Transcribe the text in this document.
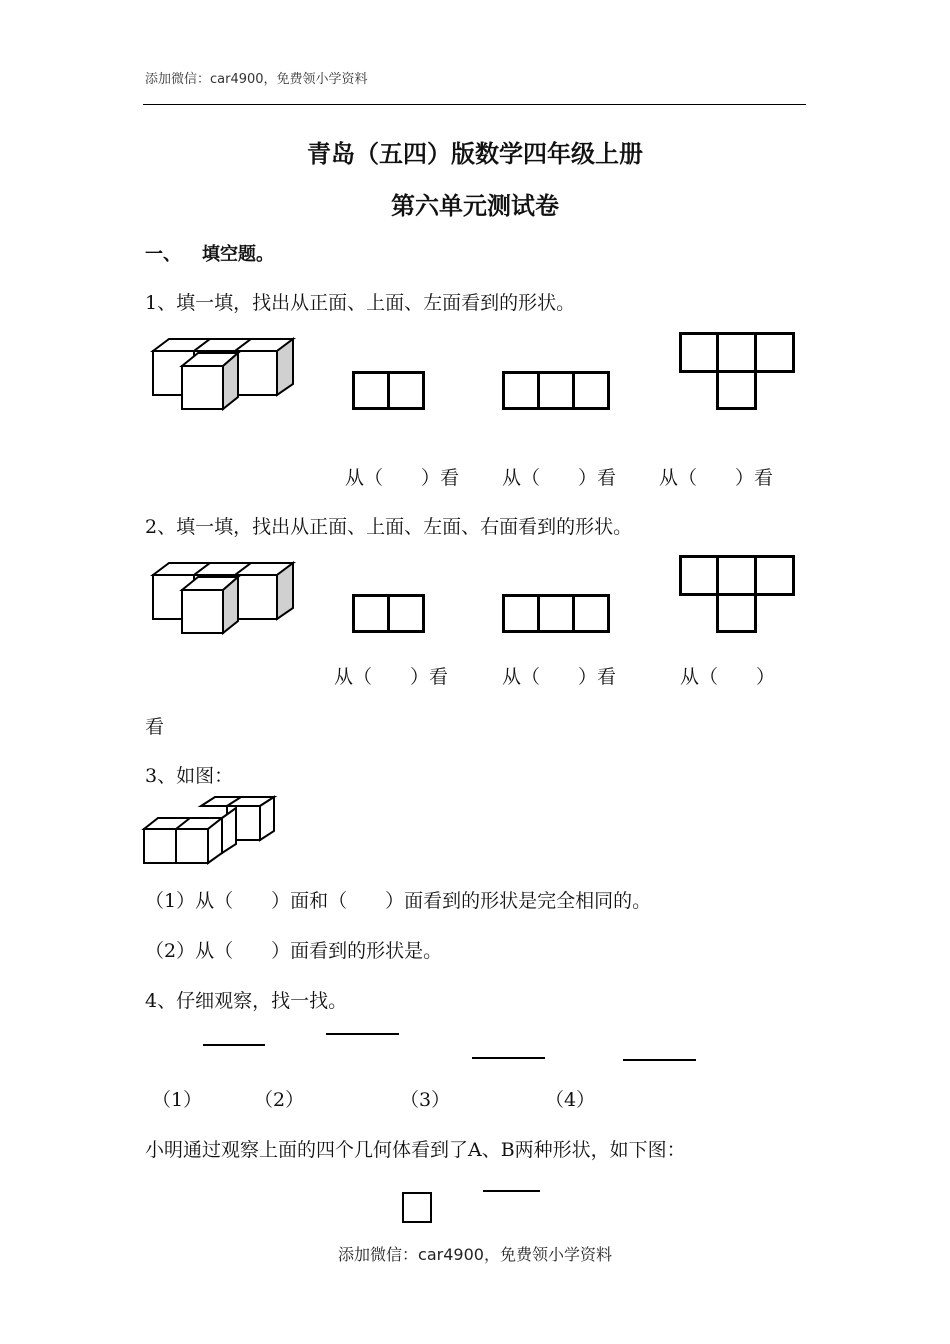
添加微信：car4900，免费领小学资料
青岛（五四）版数学四年级上册
第六单元测试卷
一、 填空题。
1、填一填，找出从正面、上面、左面看到的形状。
从（　　）看 从（　　）看 从（　　）看
2、填一填，找出从正面、上面、左面、右面看到的形状。
从（　　）看	从（　　）看	从（　　）
看
3、如图：
（1）从（　　）面和（　　）面看到的形状是完全相同的。
（2）从（　　）面看到的形状是。
4、仔细观察，找一找。
（1）	（2）	（3）	（4）
小明通过观察上面的四个几何体看到了A、B两种形状，如下图：
添加微信：car4900，免费领小学资料
